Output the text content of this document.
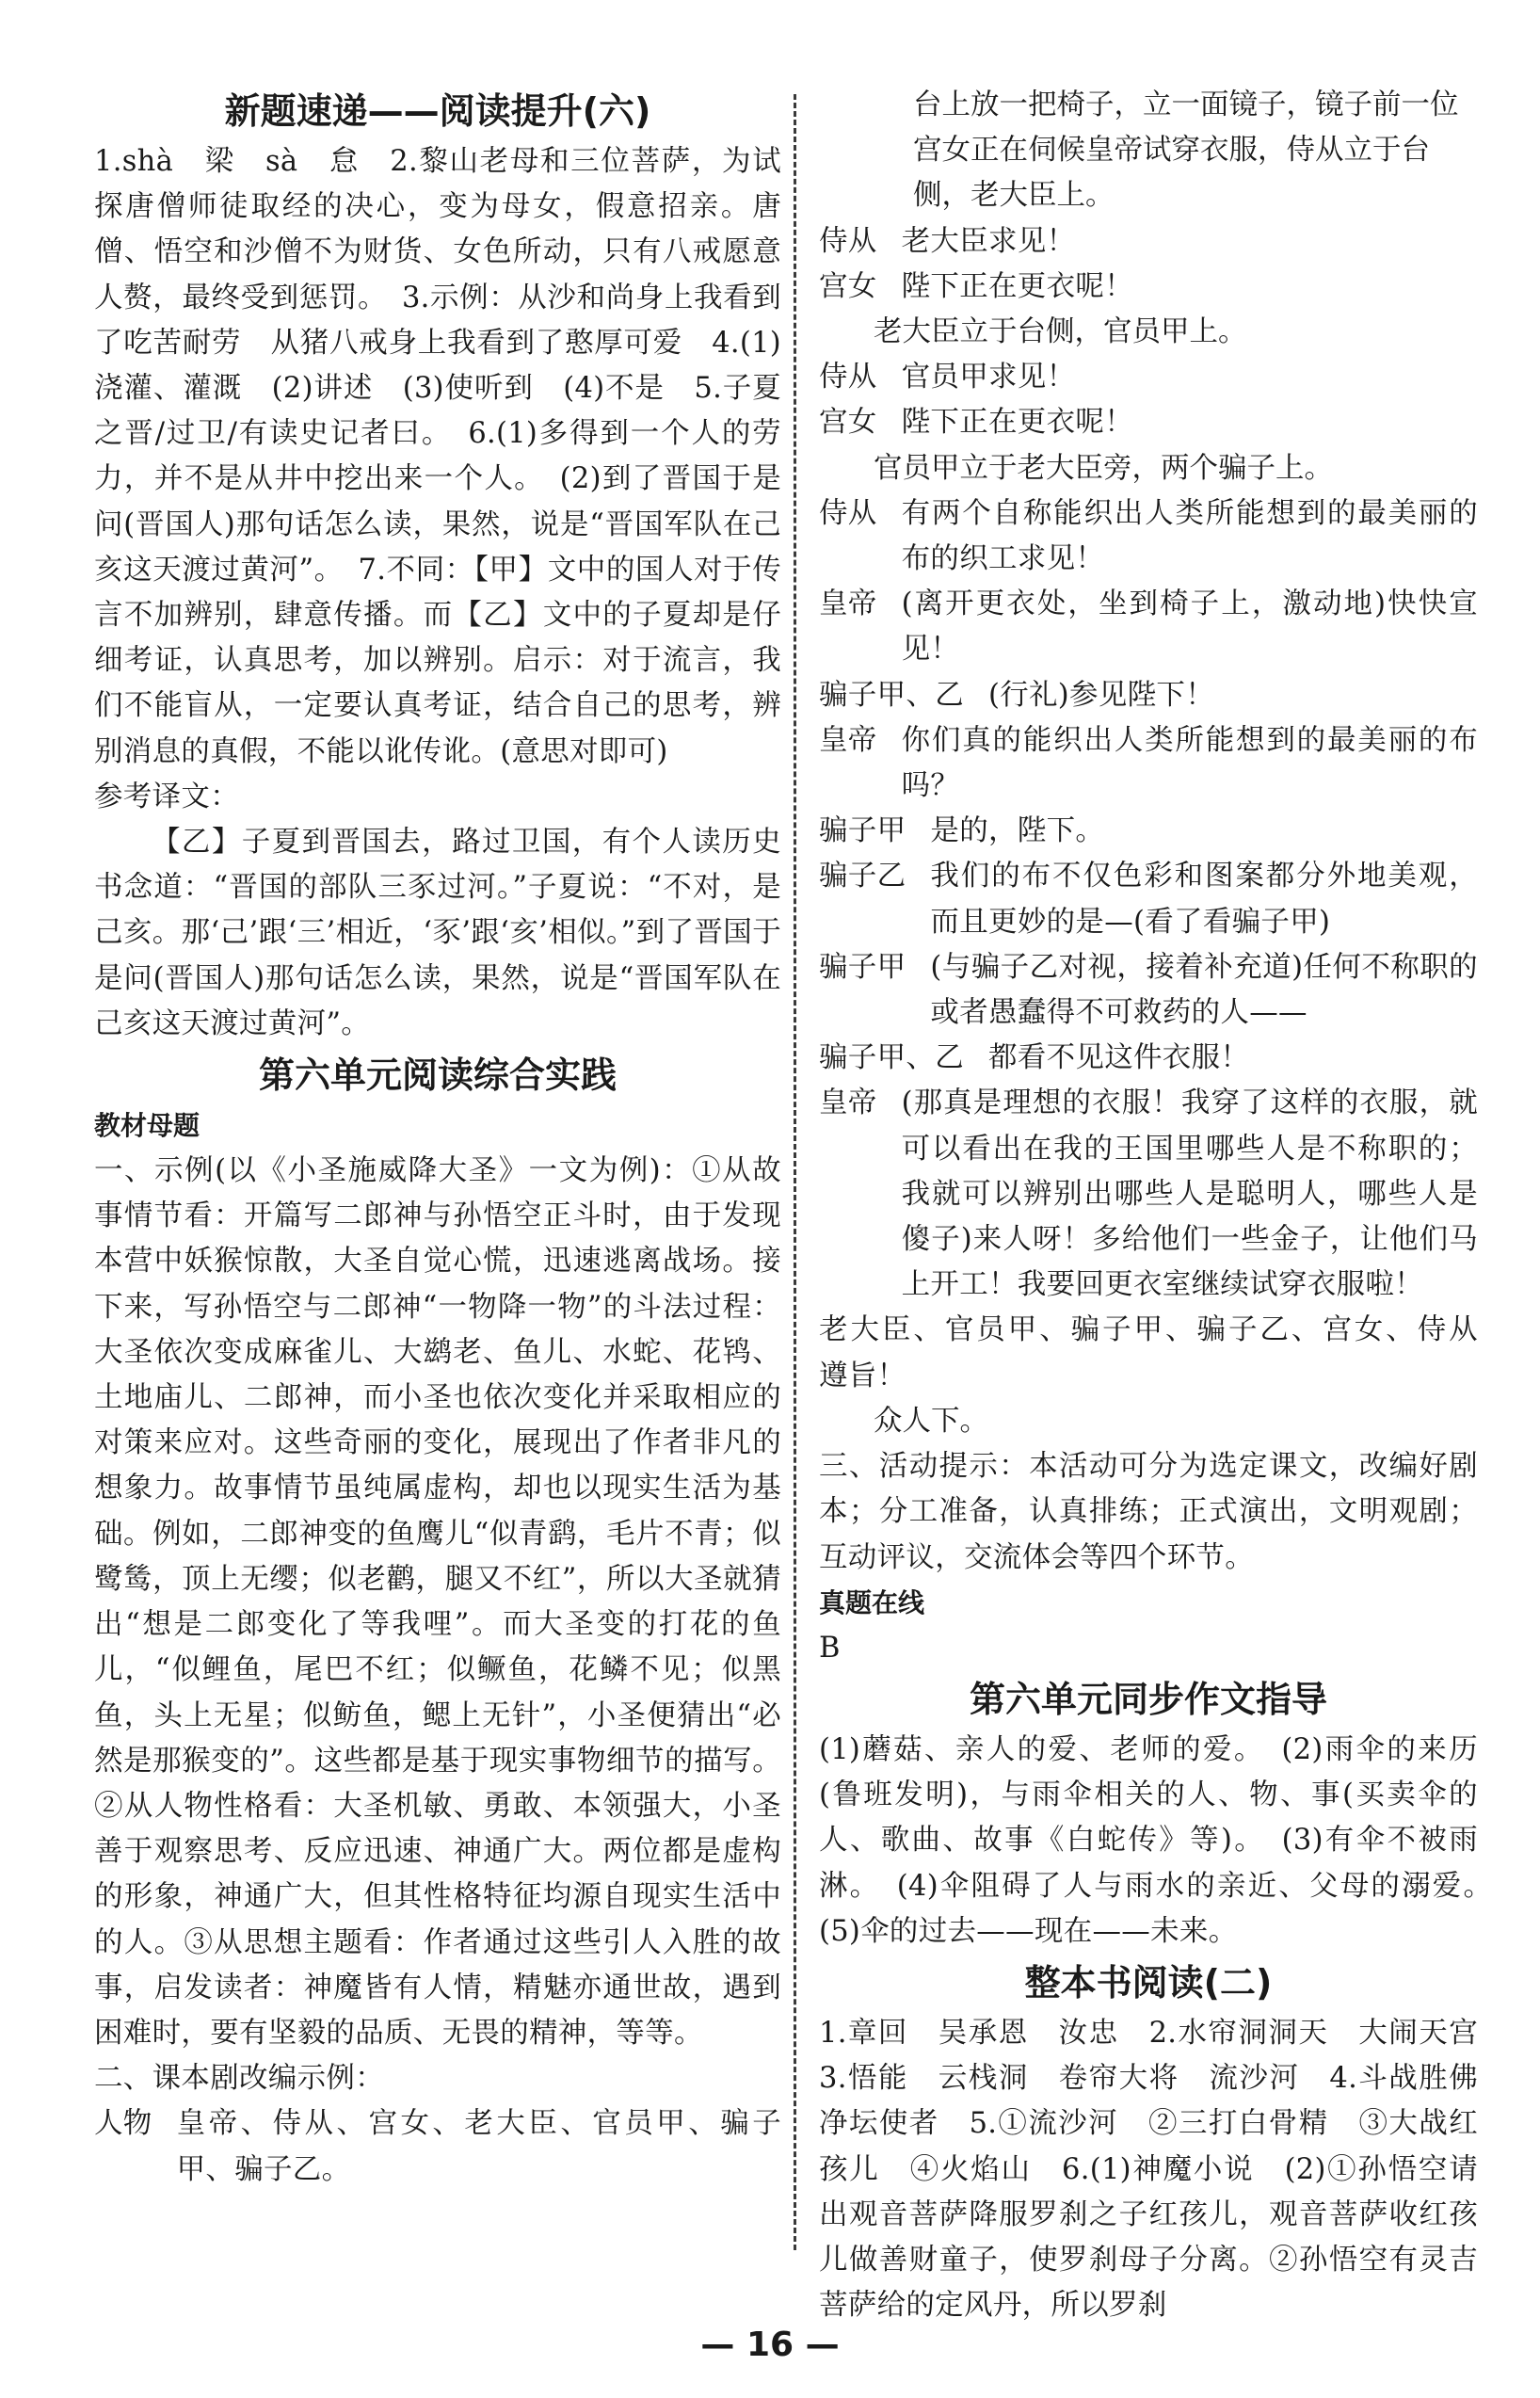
新题速递——阅读提升(六)

1.shà　梁　sà　怠　2.黎山老母和三位菩萨，为试探唐僧师徒取经的决心，变为母女，假意招亲。唐僧、悟空和沙僧不为财货、女色所动，只有八戒愿意人赘，最终受到惩罚。　3.示例：从沙和尚身上我看到了吃苦耐劳　从猪八戒身上我看到了憨厚可爱　4.(1)浇灌、灌溉　(2)讲述　(3)使听到　(4)不是　5.子夏之晋/过卫/有读史记者曰。　6.(1)多得到一个人的劳力，并不是从井中挖出来一个人。　(2)到了晋国于是问(晋国人)那句话怎么读，果然，说是“晋国军队在己亥这天渡过黄河”。　7.不同：【甲】文中的国人对于传言不加辨别，肆意传播。而【乙】文中的子夏却是仔细考证，认真思考，加以辨别。启示：对于流言，我们不能盲从，一定要认真考证，结合自己的思考，辨别消息的真假，不能以讹传讹。(意思对即可)

参考译文：

【乙】子夏到晋国去，路过卫国，有个人读历史书念道：“晋国的部队三豕过河。”子夏说：“不对，是己亥。那‘己’跟‘三’相近，‘豕’跟‘亥’相似。”到了晋国于是问(晋国人)那句话怎么读，果然，说是“晋国军队在己亥这天渡过黄河”。

第六单元阅读综合实践

教材母题

一、示例(以《小圣施威降大圣》一文为例)：①从故事情节看：开篇写二郎神与孙悟空正斗时，由于发现本营中妖猴惊散，大圣自觉心慌，迅速逃离战场。接下来，写孙悟空与二郎神“一物降一物”的斗法过程：大圣依次变成麻雀儿、大鹚老、鱼儿、水蛇、花鸨、土地庙儿、二郎神，而小圣也依次变化并采取相应的对策来应对。这些奇丽的变化，展现出了作者非凡的想象力。故事情节虽纯属虚构，却也以现实生活为基础。例如，二郎神变的鱼鹰儿“似青鹞，毛片不青；似鹭鸶，顶上无缨；似老鹳，腿又不红”，所以大圣就猜出“想是二郎变化了等我哩”。而大圣变的打花的鱼儿，“似鲤鱼，尾巴不红；似鳜鱼，花鳞不见；似黑鱼，头上无星；似鲂鱼，鳃上无针”，小圣便猜出“必然是那猴变的”。这些都是基于现实事物细节的描写。②从人物性格看：大圣机敏、勇敢、本领强大，小圣善于观察思考、反应迅速、神通广大。两位都是虚构的形象，神通广大，但其性格特征均源自现实生活中的人。③从思想主题看：作者通过这些引人入胜的故事，启发读者：神魔皆有人情，精魅亦通世故，遇到困难时，要有坚毅的品质、无畏的精神，等等。

二、课本剧改编示例：

人物 皇帝、侍从、宫女、老大臣、官员甲、骗子甲、骗子乙。

台上放一把椅子，立一面镜子，镜子前一位宫女正在伺候皇帝试穿衣服，侍从立于台侧，老大臣上。

侍从 老大臣求见！
宫女 陛下正在更衣呢！

老大臣立于台侧，官员甲上。

侍从 官员甲求见！
宫女 陛下正在更衣呢！

官员甲立于老大臣旁，两个骗子上。

侍从 有两个自称能织出人类所能想到的最美丽的布的织工求见！
皇帝 (离开更衣处，坐到椅子上，激动地)快快宣见！
骗子甲、乙 (行礼)参见陛下！
皇帝 你们真的能织出人类所能想到的最美丽的布吗？
骗子甲 是的，陛下。
骗子乙 我们的布不仅色彩和图案都分外地美观，而且更妙的是—(看了看骗子甲)
骗子甲 (与骗子乙对视，接着补充道)任何不称职的或者愚蠢得不可救药的人——
骗子甲、乙 都看不见这件衣服！
皇帝 (那真是理想的衣服！我穿了这样的衣服，就可以看出在我的王国里哪些人是不称职的；我就可以辨别出哪些人是聪明人，哪些人是傻子)来人呀！多给他们一些金子，让他们马上开工！我要回更衣室继续试穿衣服啦！

老大臣、官员甲、骗子甲、骗子乙、宫女、侍从　遵旨！

众人下。

三、活动提示：本活动可分为选定课文，改编好剧本；分工准备，认真排练；正式演出，文明观剧；互动评议，交流体会等四个环节。

真题在线

B

第六单元同步作文指导

(1)蘑菇、亲人的爱、老师的爱。　(2)雨伞的来历(鲁班发明)，与雨伞相关的人、物、事(买卖伞的人、歌曲、故事《白蛇传》等)。　(3)有伞不被雨淋。　(4)伞阻碍了人与雨水的亲近、父母的溺爱。　(5)伞的过去——现在——未来。

整本书阅读(二)

1.章回　吴承恩　汝忠　2.水帘洞洞天　大闹天宫　3.悟能　云栈洞　卷帘大将　流沙河　4.斗战胜佛　净坛使者　5.①流沙河　②三打白骨精　③大战红孩儿　④火焰山　6.(1)神魔小说　(2)①孙悟空请出观音菩萨降服罗刹之子红孩儿，观音菩萨收红孩儿做善财童子，使罗刹母子分离。②孙悟空有灵吉菩萨给的定风丹，所以罗刹

— 16 —
